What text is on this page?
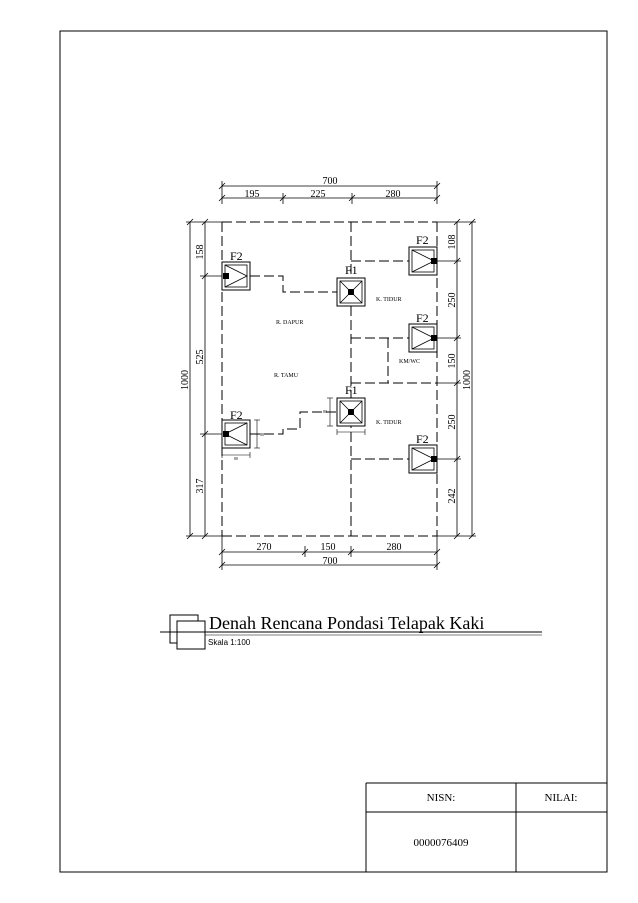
700
195	225	280
270	150	280
700
1000
158
525
317
108
250
150
250
242
1000
80
80
80
F2
F1
F2
F2
F1
F2
F2
K. TIDUR
R. DAPUR
KM/WC
R. TAMU
K. TIDUR
Denah Rencana Pondasi Telapak Kaki
Skala 1:100
NISN:	NILAI:
0000076409
